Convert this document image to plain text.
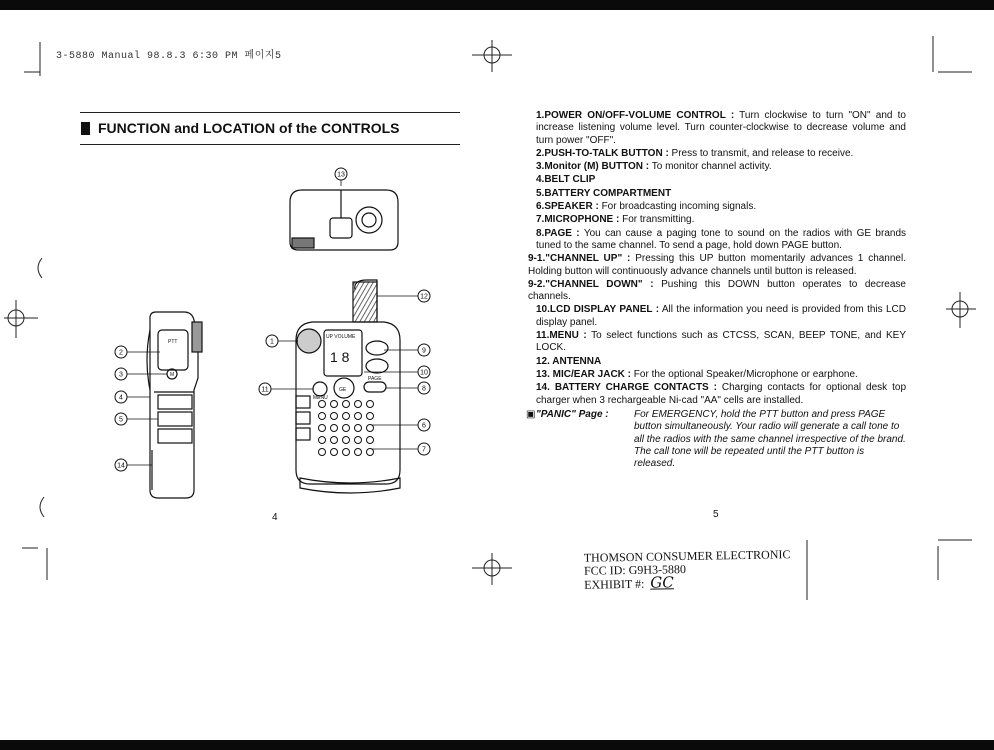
3-5880 Manual 98.8.3 6:30 PM 페이지5
FUNCTION and LOCATION of the CONTROLS
1 8
PTT
M
GE
PAGE
MENU
UP VOLUME
13
12
1
9
10
8
11
6
7
2
3
4
5
14
4	5

1.POWER ON/OFF-VOLUME CONTROL : Turn clockwise to turn "ON" and to increase listening volume level. Turn counter-clockwise to decrease volume and turn power "OFF".

2.PUSH-TO-TALK BUTTON : Press to transmit, and release to receive.

3.Monitor (M) BUTTON : To monitor channel activity.

4.BELT CLIP

5.BATTERY COMPARTMENT

6.SPEAKER : For broadcasting incoming signals.

7.MICROPHONE : For transmitting.

8.PAGE : You can cause a paging tone to sound on the radios with GE brands tuned to the same channel. To send a page, hold down PAGE button.

9-1."CHANNEL UP" : Pressing this UP button momentarily advances 1 channel. Holding button will continuously advance channels until button is released.

9-2."CHANNEL DOWN" : Pushing this DOWN button operates to decrease channels.

10.LCD DISPLAY PANEL : All the information you need is provided from this LCD display panel.

11.MENU : To select functions such as CTCSS, SCAN, BEEP TONE, and KEY LOCK.

12. ANTENNA

13. MIC/EAR JACK : For the optional Speaker/Microphone or earphone.

14. BATTERY CHARGE CONTACTS : Charging contacts for optional desk top charger when 3 rechargeable Ni-cad "AA" cells are installed.

▣ "PANIC" Page :	For EMERGENCY, hold the PTT button and press PAGE button simultaneously. Your radio will generate a call tone to all the radios with the same channel irrespective of the brand. The call tone will be repeated until the PTT button is released.
THOMSON CONSUMER ELECTRONIC
FCC ID: G9H3-5880
EXHIBIT #: GC
